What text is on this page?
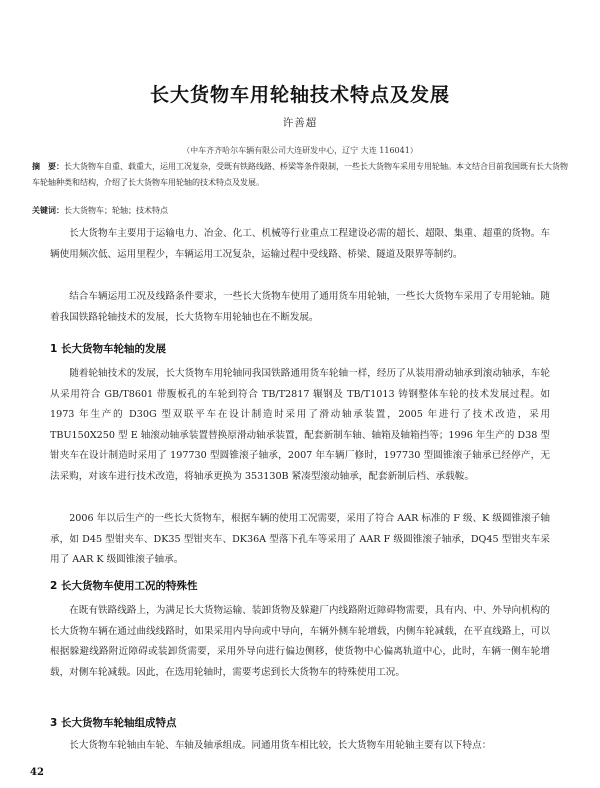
长大货物车用轮轴技术特点及发展
许善超
（中车齐齐哈尔车辆有限公司大连研发中心，辽宁 大连 116041）
摘　要：长大货物车自重、载重大，运用工况复杂，受既有铁路线路、桥梁等条件限制，一些长大货物车采用专用轮轴。本文结合目前我国既有长大货物车轮轴种类和结构，介绍了长大货物车用轮轴的技术特点及发展。
关键词：长大货物车；轮轴；技术特点

长大货物车主要用于运输电力、冶金、化工、机械等行业重点工程建设必需的超长、超限、集重、超重的货物。车辆使用频次低、运用里程少，车辆运用工况复杂，运输过程中受线路、桥梁、隧道及限界等制约。

结合车辆运用工况及线路条件要求，一些长大货物车使用了通用货车用轮轴，一些长大货物车采用了专用轮轴。随着我国铁路轮轴技术的发展，长大货物车用轮轴也在不断发展。

1 长大货物车轮轴的发展

随着轮轴技术的发展，长大货物车用轮轴同我国铁路通用货车轮轴一样，经历了从装用滑动轴承到滚动轴承，车轮从采用符合 GB/T8601 带腹板孔的车轮到符合 TB/T2817 辗钢及 TB/T1013 铸钢整体车轮的技术发展过程。如 1973 年生产的 D30G 型双联平车在设计制造时采用了滑动轴承装置，2005 年进行了技术改造，采用 TBU150X250 型 E 轴滚动轴承装置替换原滑动轴承装置，配套新制车轴、轴箱及轴箱挡等；1996 年生产的 D38 型钳夹车在设计制造时采用了 197730 型圆锥滚子轴承，2007 年车辆厂修时，197730 型圆锥滚子轴承已经停产，无法采购，对该车进行技术改造，将轴承更换为 353130B 紧凑型滚动轴承，配套新制后档、承载鞍。

2006 年以后生产的一些长大货物车，根据车辆的使用工况需要，采用了符合 AAR 标准的 F 级、K 级圆锥滚子轴承，如 D45 型钳夹车、DK35 型钳夹车、DK36A 型落下孔车等采用了 AAR F 级圆锥滚子轴承，DQ45 型钳夹车采用了 AAR K 级圆锥滚子轴承。

2 长大货物车使用工况的特殊性

在既有铁路线路上，为满足长大货物运输、装卸货物及躲避厂内线路附近障碍物需要，具有内、中、外导向机构的长大货物车辆在通过曲线线路时，如果采用内导向或中导向，车辆外侧车轮增载，内侧车轮减载，在平直线路上，可以根据躲避线路附近障碍或装卸货需要，采用外导向进行偏边侧移，使货物中心偏离轨道中心，此时，车辆一侧车轮增载，对侧车轮减载。因此，在选用轮轴时，需要考虑到长大货物车的特殊使用工况。

3 长大货物车轮轴组成特点

长大货物车轮轴由车轮、车轴及轴承组成。同通用货车相比较，长大货物车用轮轴主要有以下特点：

42
